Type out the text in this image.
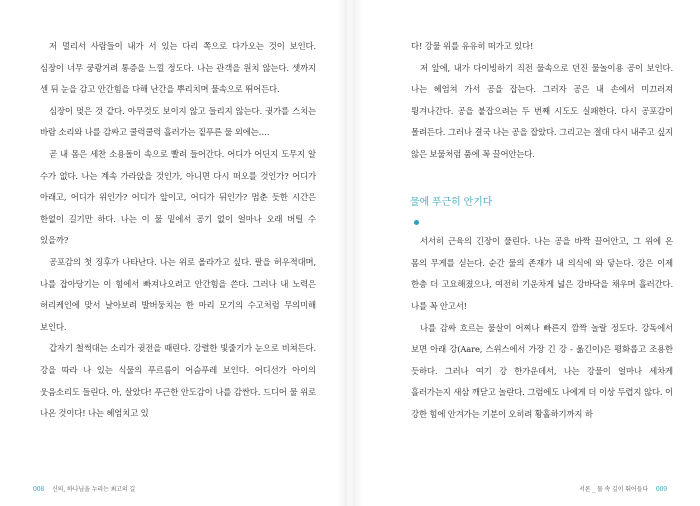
저 멀리서 사람들이 내가 서 있는 다리 쪽으로 다가오는 것이 보인다. 심장이 너무 쿵쾅거려 통증을 느낄 정도다. 나는 관객을 원치 않는다. 셋까지 센 뒤 눈을 감고 안간힘을 다해 난간을 뿌리치며 물속으로 뛰어든다.

심장이 멎은 것 같다. 아무것도 보이지 않고 들리지 않는다. 귓가를 스치는 바람 소리와 나를 감싸고 쿨럭쿨럭 흘러가는 짙푸른 물 외에는….

곧 내 몸은 세찬 소용돌이 속으로 빨려 들어간다. 어디가 어딘지 도무지 알 수가 없다. 나는 계속 가라앉을 것인가, 아니면 다시 떠오를 것인가? 어디가 아래고, 어디가 위인가? 어디가 앞이고, 어디가 뒤인가? 멈춘 듯한 시간은 한없이 길기만 하다. 나는 이 물 밑에서 공기 없이 얼마나 오래 버틸 수 있을까?

공포감의 첫 징후가 나타난다. 나는 위로 올라가고 싶다. 팔을 허우적대며, 나를 잡아당기는 이 힘에서 빠져나오려고 안간힘을 쓴다. 그러나 내 노력은 허리케인에 맞서 날아보려 발버둥치는 한 마리 모기의 수고처럼 무의미해 보인다.

갑자기 철썩대는 소리가 귓전을 때린다. 강렬한 빛줄기가 눈으로 비쳐든다. 강을 따라 나 있는 식물의 푸르름이 어슴푸레 보인다. 어디선가 아이의 웃음소리도 들린다. 아, 살았다! 푸근한 안도감이 나를 감싼다. 드디어 물 위로 나온 것이다! 나는 헤엄치고 있

008 신의, 하나님을 누리는 최고의 길

다! 강물 위를 유유히 떠가고 있다!

저 앞에, 내가 다이빙하기 직전 물속으로 던진 물놀이용 공이 보인다. 나는 헤엄쳐 가서 공을 잡는다. 그러자 공은 내 손에서 미끄러져 튕겨나간다. 공을 붙잡으려는 두 번째 시도도 실패한다. 다시 공포감이 몰려든다. 그러나 결국 나는 공을 잡았다. 그리고는 절대 다시 내주고 싶지 않은 보물처럼 품에 꼭 끌어안는다.

물에 푸근히 안기다

서서히 근육의 긴장이 풀린다. 나는 공을 바짝 끌어안고, 그 위에 온 몸의 무게를 싣는다. 순간 물의 존재가 내 의식에 와 닿는다. 강은 이제 한층 더 고요해졌으나, 여전히 기운차게 넓은 강바닥을 채우며 흘러간다. 나를 꼭 안고서!

나를 감싸 흐르는 물살이 어찌나 빠른지 깜짝 놀랄 정도다. 강독에서 보면 아래 강(Aare, 스위스에서 가장 긴 강 - 옮긴이)은 평화롭고 조용한 듯하다. 그러나 여기 강 한가운데서, 나는 강물이 얼마나 세차게 흘러가는지 새삼 깨닫고 놀란다. 그럼에도 나에게 더 이상 두렵지 않다. 이 강한 힘에 안겨가는 기분이 오히려 황홀하기까지 하

서론 _ 물 속 깊이 뛰어들다 009
